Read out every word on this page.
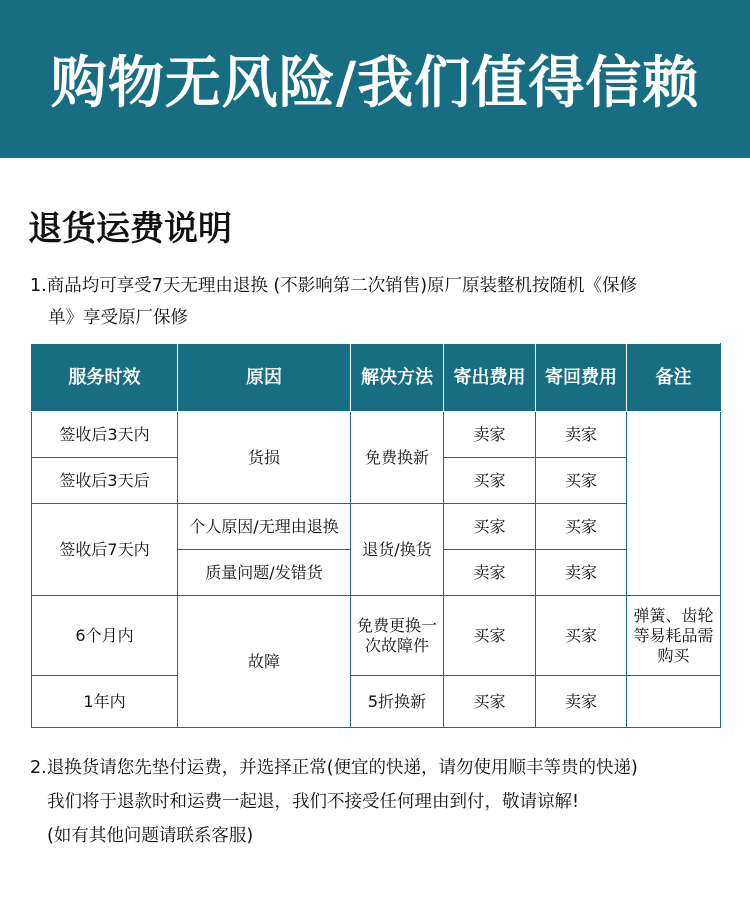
购物无风险/我们值得信赖
退货运费说明
1.商品均可享受7天无理由退换 (不影响第二次销售)原厂原装整机按随机《保修
单》享受原厂保修
服务时效	原因	解决方法	寄出费用	寄回费用	备注
签收后3天内	货损	免费换新	卖家	卖家	
签收后3天后			买家	买家	
签收后7天内	个人原因/无理由退换	退货/换货	买家	买家	
	质量问题/发错货		卖家	卖家	
6个月内	故障	免费更换一次故障件	买家	买家	弹簧、齿轮等易耗品需购买
1年内		5折换新	买家	卖家	
2.退换货请您先垫付运费，并选择正常(便宜的快递，请勿使用顺丰等贵的快递)
我们将于退款时和运费一起退，我们不接受任何理由到付，敬请谅解!
(如有其他问题请联系客服)
